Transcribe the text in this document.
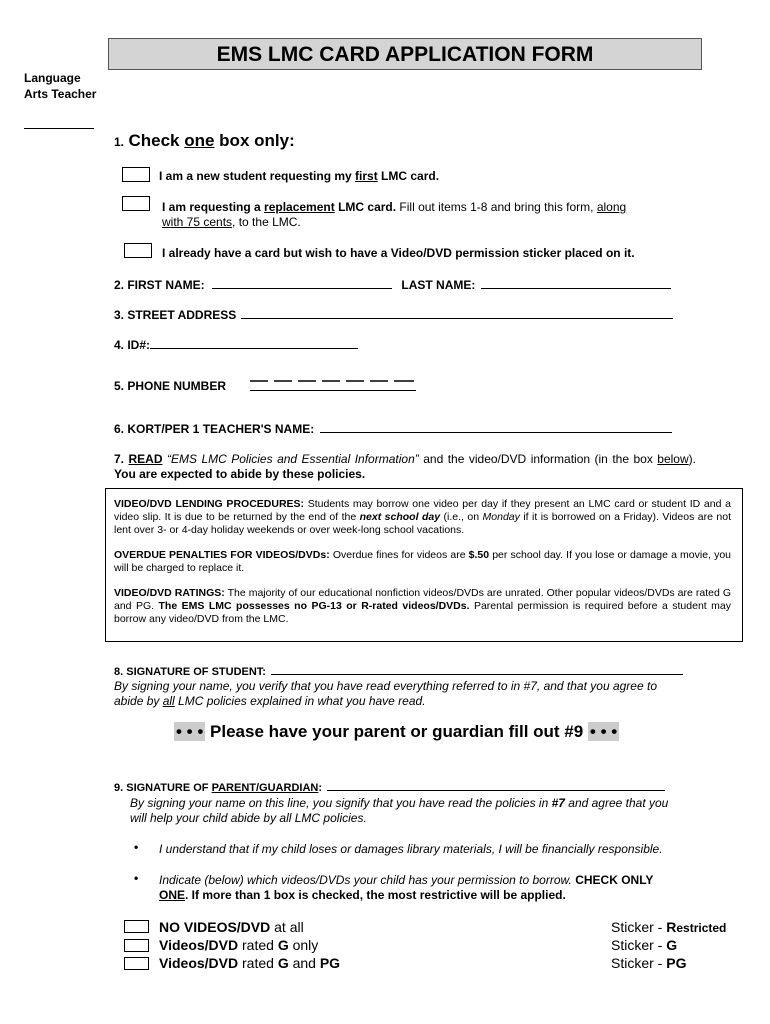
EMS LMC CARD APPLICATION FORM
Language
Arts Teacher
1. Check one box only:
I am a new student requesting my first LMC card.
I am requesting a replacement LMC card. Fill out items 1-8 and bring this form, along
with 75 cents, to the LMC.
I already have a card but wish to have a Video/DVD permission sticker placed on it.
2. FIRST NAME:	LAST NAME:
3. STREET ADDRESS
4. ID#:
5. PHONE NUMBER
6. KORT/PER 1 TEACHER'S NAME:
7. READ “EMS LMC Policies and Essential Information” and the video/DVD information (in the box below). You are expected to abide by these policies.

VIDEO/DVD LENDING PROCEDURES: Students may borrow one video per day if they present an LMC card or student ID and a video slip. It is due to be returned by the end of the next school day (i.e., on Monday if it is borrowed on a Friday). Videos are not lent over 3- or 4-day holiday weekends or over week-long school vacations.

OVERDUE PENALTIES FOR VIDEOS/DVDs: Overdue fines for videos are $.50 per school day. If you lose or damage a movie, you will be charged to replace it.

VIDEO/DVD RATINGS: The majority of our educational nonfiction videos/DVDs are unrated. Other popular videos/DVDs are rated G and PG. The EMS LMC possesses no PG-13 or R-rated videos/DVDs. Parental permission is required before a student may borrow any video/DVD from the LMC.

8. SIGNATURE OF STUDENT:
By signing your name, you verify that you have read everything referred to in #7, and that you agree to
abide by all LMC policies explained in what you have read.
• • • Please have your parent or guardian fill out #9 • • •
9. SIGNATURE OF PARENT/GUARDIAN:
By signing your name on this line, you signify that you have read the policies in #7 and agree that you
will help your child abide by all LMC policies.
• I understand that if my child loses or damages library materials, I will be financially responsible.
• Indicate (below) which videos/DVDs your child has your permission to borrow. CHECK ONLY
ONE. If more than 1 box is checked, the most restrictive will be applied.
NO VIDEOS/DVD at all	Sticker - Restricted
Videos/DVD rated G only	Sticker - G
Videos/DVD rated G and PG	Sticker - PG
